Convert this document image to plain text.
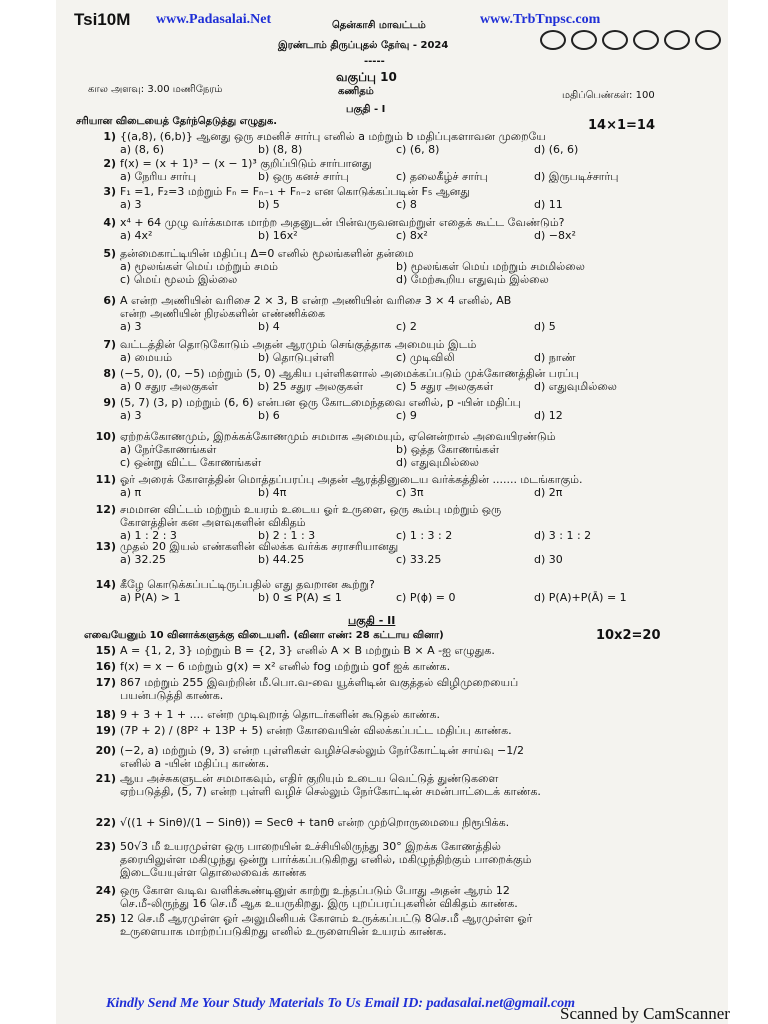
Tsi10M www.Padasalai.Net	www.TrbTnpsc.com
தென்காசி மாவட்டம்
இரண்டாம் திருப்புதல் தேர்வு - 2024
-----
வகுப்பு 10
கால அளவு: 3.00 மணிநேரம்	கணிதம்	மதிப்பெண்கள்: 100
பகுதி - I
சரியான விடையைத் தேர்ந்தெடுத்து எழுதுக.	14×1=14
1) {(a,8), (6,b)} ஆனது ஒரு சமனிச் சார்பு எனில் a மற்றும் b மதிப்புகளாவன முறையே
a) (8, 6)	b) (8, 8)	c) (6, 8)	d) (6, 6)
2) f(x) = (x + 1)³ − (x − 1)³ குறிப்பிடும் சார்பானது
a) நேரிய சார்பு	b) ஒரு கனச் சார்பு	c) தலைகீழ்ச் சார்பு	d) இருபடிச்சார்பு
3) F₁ =1, F₂=3 மற்றும் Fₙ = Fₙ₋₁ + Fₙ₋₂ என கொடுக்கப்படின் F₅ ஆனது
a) 3	b) 5	c) 8	d) 11
4) x⁴ + 64 முழு வர்க்கமாக மாற்ற அதனுடன் பின்வருவனவற்றுள் எதைக் கூட்ட வேண்டும்?
a) 4x²	b) 16x²	c) 8x²	d) −8x²
5) தன்மைகாட்டியின் மதிப்பு Δ=0 எனில் மூலங்களின் தன்மை
a) மூலங்கள் மெய் மற்றும் சமம்	b) மூலங்கள் மெய் மற்றும் சமமில்லை
c) மெய் மூலம் இல்லை	d) மேற்கூறிய எதுவும் இல்லை
6) A என்ற அணியின் வரிசை 2 × 3, B என்ற அணியின் வரிசை 3 × 4 எனில், AB
என்ற அணியின் நிரல்களின் எண்ணிக்கை
a) 3	b) 4	c) 2	d) 5
7) வட்டத்தின் தொடுகோடும் அதன் ஆரமும் செங்குத்தாக அமையும் இடம்
a) மையம்	b) தொடுபுள்ளி	c) முடிவிலி	d) நாண்
8) (−5, 0), (0, −5) மற்றும் (5, 0) ஆகிய புள்ளிகளால் அமைக்கப்படும் முக்கோணத்தின் பரப்பு
a) 0 சதுர அலகுகள்	b) 25 சதுர அலகுகள்	c) 5 சதுர அலகுகள்	d) எதுவுமில்லை
9) (5, 7) (3, p) மற்றும் (6, 6) என்பன ஒரு கோடமைந்தவை எனில், p -யின் மதிப்பு
a) 3	b) 6	c) 9	d) 12
10) ஏற்றக்கோணமும், இறக்கக்கோணமும் சமமாக அமையும், ஏனென்றால் அவையிரண்டும்
a) நேர்கோணங்கள்	b) ஒத்த கோணங்கள்
c) ஒன்று விட்ட கோணங்கள்	d) எதுவுமில்லை
11) ஓர் அரைக் கோளத்தின் மொத்தப்பரப்பு அதன் ஆரத்தினுடைய வர்க்கத்தின் ....... மடங்காகும்.
a) π	b) 4π	c) 3π	d) 2π
12) சமமான விட்டம் மற்றும் உயரம் உடைய ஓர் உருளை, ஒரு கூம்பு மற்றும் ஒரு
கோளத்தின் கன அளவுகளின் விகிதம்
a) 1 : 2 : 3	b) 2 : 1 : 3	c) 1 : 3 : 2	d) 3 : 1 : 2
13) முதல் 20 இயல் எண்களின் விலக்க வர்க்க சராசரியானது
a) 32.25	b) 44.25	c) 33.25	d) 30
14) கீழே கொடுக்கப்பட்டிருப்பதில் எது தவறான கூற்று?
a) P(A) > 1	b) 0 ≤ P(A) ≤ 1	c) P(ϕ) = 0	d) P(A)+P(Ā) = 1
பகுதி - II
எவையேனும் 10 வினாக்களுக்கு விடையளி. (வினா எண்: 28 கட்டாய வினா)	10x2=20
15) A = {1, 2, 3} மற்றும் B = {2, 3} எனில் A × B மற்றும் B × A -ஐ எழுதுக.
16) f(x) = x − 6 மற்றும் g(x) = x² எனில் fog மற்றும் gof ஐக் காண்க.
17) 867 மற்றும் 255 இவற்றின் மீ.பொ.வ-வை யூக்ளிடின் வகுத்தல் விழிமுறையைப்
பயன்படுத்தி காண்க.
18) 9 + 3 + 1 + .... என்ற முடிவுறாத் தொடர்களின் கூடுதல் காண்க.
19) (7P + 2) / (8P² + 13P + 5) என்ற கோவையின் விலக்கப்பட்ட மதிப்பு காண்க.
20) (−2, a) மற்றும் (9, 3) என்ற புள்ளிகள் வழிச்செல்லும் நேர்கோட்டின் சாய்வு −1/2
எனில் a -யின் மதிப்பு காண்க.
21) ஆய அச்சுகளுடன் சமமாகவும், எதிர் குறியும் உடைய வெட்டுத் துண்டுகளை
ஏற்படுத்தி, (5, 7) என்ற புள்ளி வழிச் செல்லும் நேர்கோட்டின் சமன்பாட்டைக் காண்க.
22) √((1 + Sinθ)/(1 − Sinθ)) = Secθ + tanθ என்ற முற்றொருமையை நிரூபிக்க.
23) 50√3 மீ உயரமுள்ள ஒரு பாறையின் உச்சியிலிருந்து 30° இறக்க கோணத்தில்
தரையிலுள்ள மகிழுந்து ஒன்று பார்க்கப்படுகிறது எனில், மகிழுந்திற்கும் பாறைக்கும்
இடையேயுள்ள தொலைவைக் காண்க
24) ஒரு கோள வடிவ வளிக்கூண்டினுள் காற்று உந்தப்படும் போது அதன் ஆரம் 12
செ.மீ-லிருந்து 16 செ.மீ ஆக உயருகிறது. இரு புறப்பரப்புகளின் விகிதம் காண்க.
25) 12 செ.மீ ஆரமுள்ள ஓர் அலுமினியக் கோளம் உருக்கப்பட்டு 8செ.மீ ஆரமுள்ள ஓர்
உருளையாக மாற்றப்படுகிறது எனில் உருளையின் உயரம் காண்க.
Kindly Send Me Your Study Materials To Us Email ID: padasalai.net@gmail.com
Scanned by CamScanner
